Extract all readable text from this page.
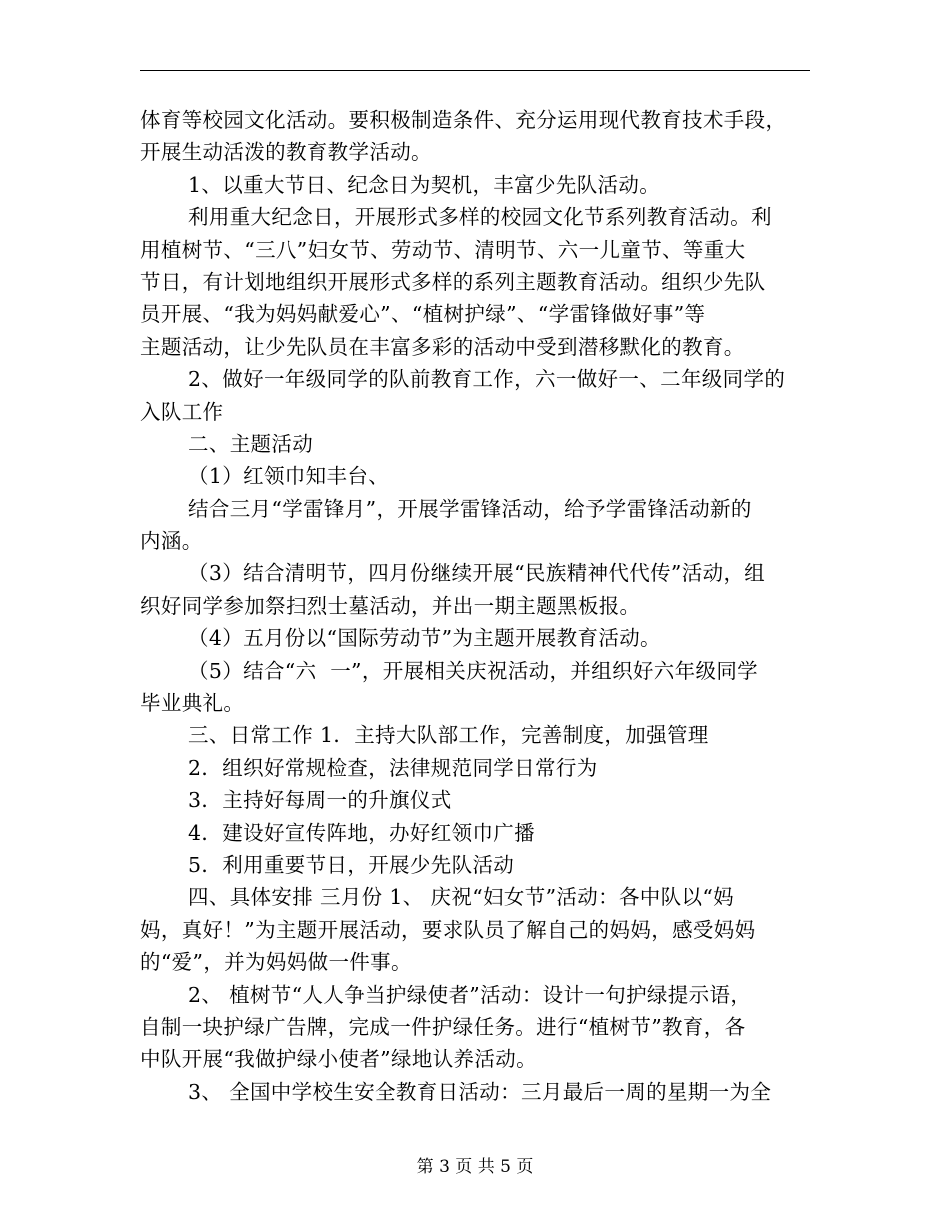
体育等校园文化活动。要积极制造条件、充分运用现代教育技术手段，
开展生动活泼的教育教学活动。
1、以重大节日、纪念日为契机，丰富少先队活动。
利用重大纪念日，开展形式多样的校园文化节系列教育活动。利
用植树节、“三八”妇女节、劳动节、清明节、六一儿童节、等重大
节日，有计划地组织开展形式多样的系列主题教育活动。组织少先队
员开展、“我为妈妈献爱心”、“植树护绿”、“学雷锋做好事”等
主题活动，让少先队员在丰富多彩的活动中受到潜移默化的教育。
2、做好一年级同学的队前教育工作，六一做好一、二年级同学的
入队工作
二、主题活动
（1）红领巾知丰台、
结合三月“学雷锋月”，开展学雷锋活动，给予学雷锋活动新的
内涵。
（3）结合清明节，四月份继续开展“民族精神代代传”活动，组
织好同学参加祭扫烈士墓活动，并出一期主题黑板报。
（4）五月份以“国际劳动节”为主题开展教育活动。
（5）结合“六  一”，开展相关庆祝活动，并组织好六年级同学
毕业典礼。
三、日常工作 1．主持大队部工作，完善制度，加强管理
2．组织好常规检查，法律规范同学日常行为
3．主持好每周一的升旗仪式
4．建设好宣传阵地，办好红领巾广播
5．利用重要节日，开展少先队活动
四、具体安排 三月份 1、 庆祝“妇女节”活动：各中队以“妈
妈，真好！”为主题开展活动，要求队员了解自己的妈妈，感受妈妈
的“爱”，并为妈妈做一件事。
2、 植树节“人人争当护绿使者”活动：设计一句护绿提示语，
自制一块护绿广告牌，完成一件护绿任务。进行“植树节”教育，各
中队开展“我做护绿小使者”绿地认养活动。
3、 全国中学校生安全教育日活动：三月最后一周的星期一为全
第 3 页 共 5 页
